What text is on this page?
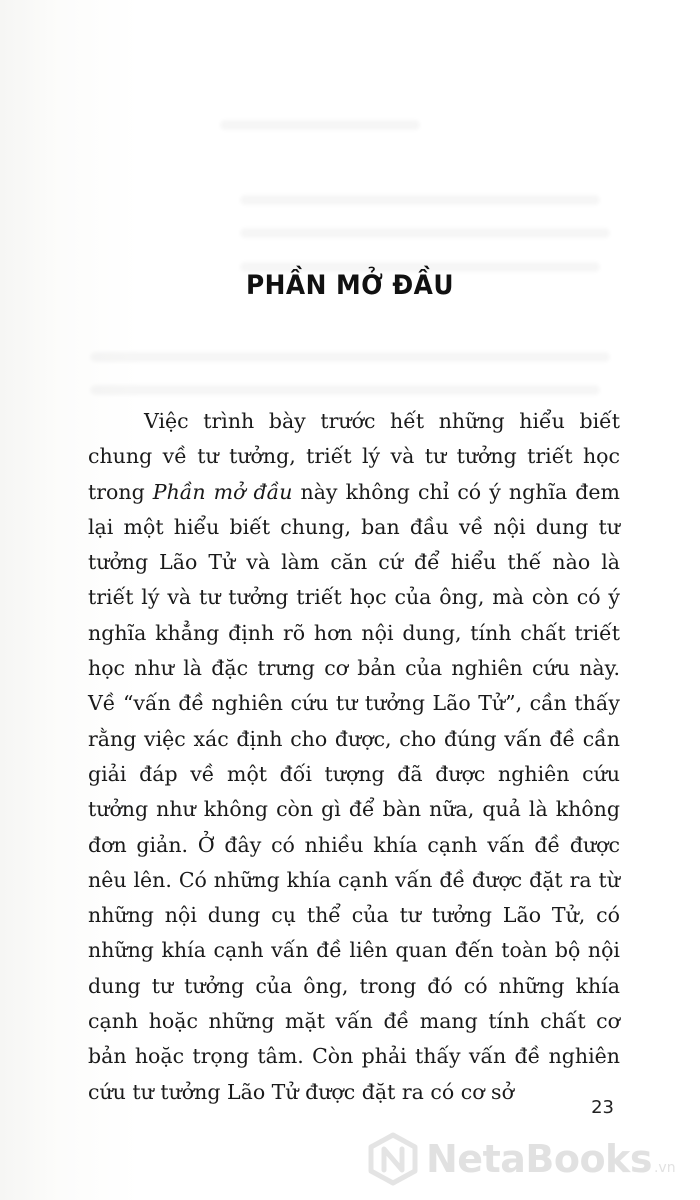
PHẦN MỞ ĐẦU

Việc trình bày trước hết những hiểu biết chung về tư tưởng, triết lý và tư tưởng triết học trong Phần mở đầu này không chỉ có ý nghĩa đem lại một hiểu biết chung, ban đầu về nội dung tư tưởng Lão Tử và làm căn cứ để hiểu thế nào là triết lý và tư tưởng triết học của ông, mà còn có ý nghĩa khẳng định rõ hơn nội dung, tính chất triết học như là đặc trưng cơ bản của nghiên cứu này. Về “vấn đề nghiên cứu tư tưởng Lão Tử”, cần thấy rằng việc xác định cho được, cho đúng vấn đề cần giải đáp về một đối tượng đã được nghiên cứu tưởng như không còn gì để bàn nữa, quả là không đơn giản. Ở đây có nhiều khía cạnh vấn đề được nêu lên. Có những khía cạnh vấn đề được đặt ra từ những nội dung cụ thể của tư tưởng Lão Tử, có những khía cạnh vấn đề liên quan đến toàn bộ nội dung tư tưởng của ông, trong đó có những khía cạnh hoặc những mặt vấn đề mang tính chất cơ bản hoặc trọng tâm. Còn phải thấy vấn đề nghiên cứu tư tưởng Lão Tử được đặt ra có cơ sở

23
NetaBooks .vn
